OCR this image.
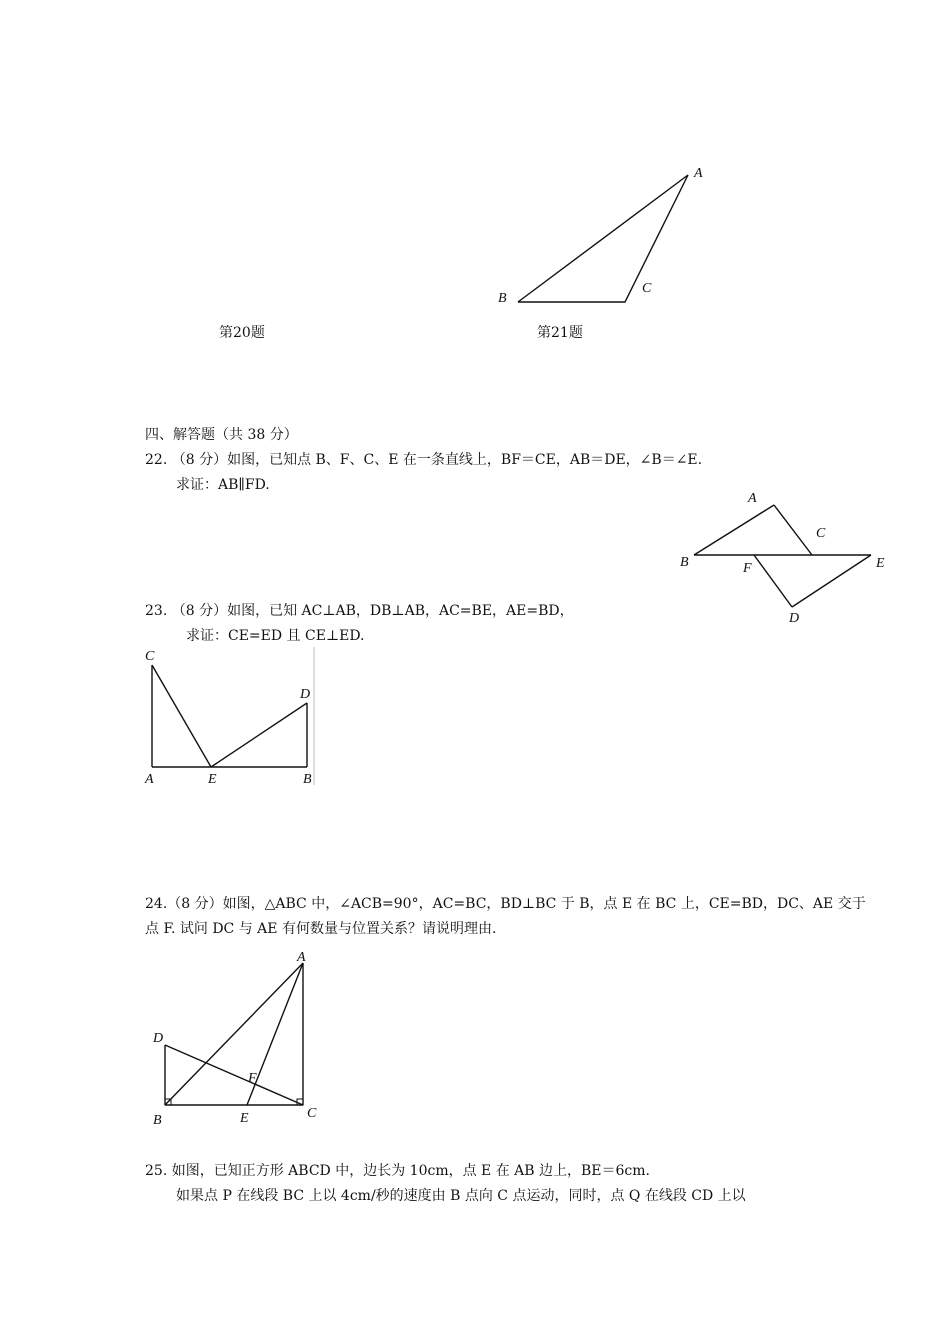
A
B
C
第20题	第21题
四、解答题（共 38 分）
22. （8 分）如图，已知点 B、F、C、E 在一条直线上，BF＝CE，AB＝DE，∠B＝∠E.
求证：AB∥FD.
A
B
C
D
E
F
23. （8 分）如图，已知 AC⊥AB，DB⊥AB，AC=BE，AE=BD，
求证：CE=ED 且 CE⊥ED.
C
D
A	E	B
24.（8 分）如图，△ABC 中，∠ACB=90°，AC=BC，BD⊥BC 于 B，点 E 在 BC 上，CE=BD，DC、AE 交于
点 F. 试问 DC 与 AE 有何数量与位置关系？请说明理由.
A
D
F
B	E	C
25. 如图，已知正方形 ABCD 中，边长为 10cm，点 E 在 AB 边上，BE＝6cm.
如果点 P 在线段 BC 上以 4cm/秒的速度由 B 点向 C 点运动，同时，点 Q 在线段 CD 上以
